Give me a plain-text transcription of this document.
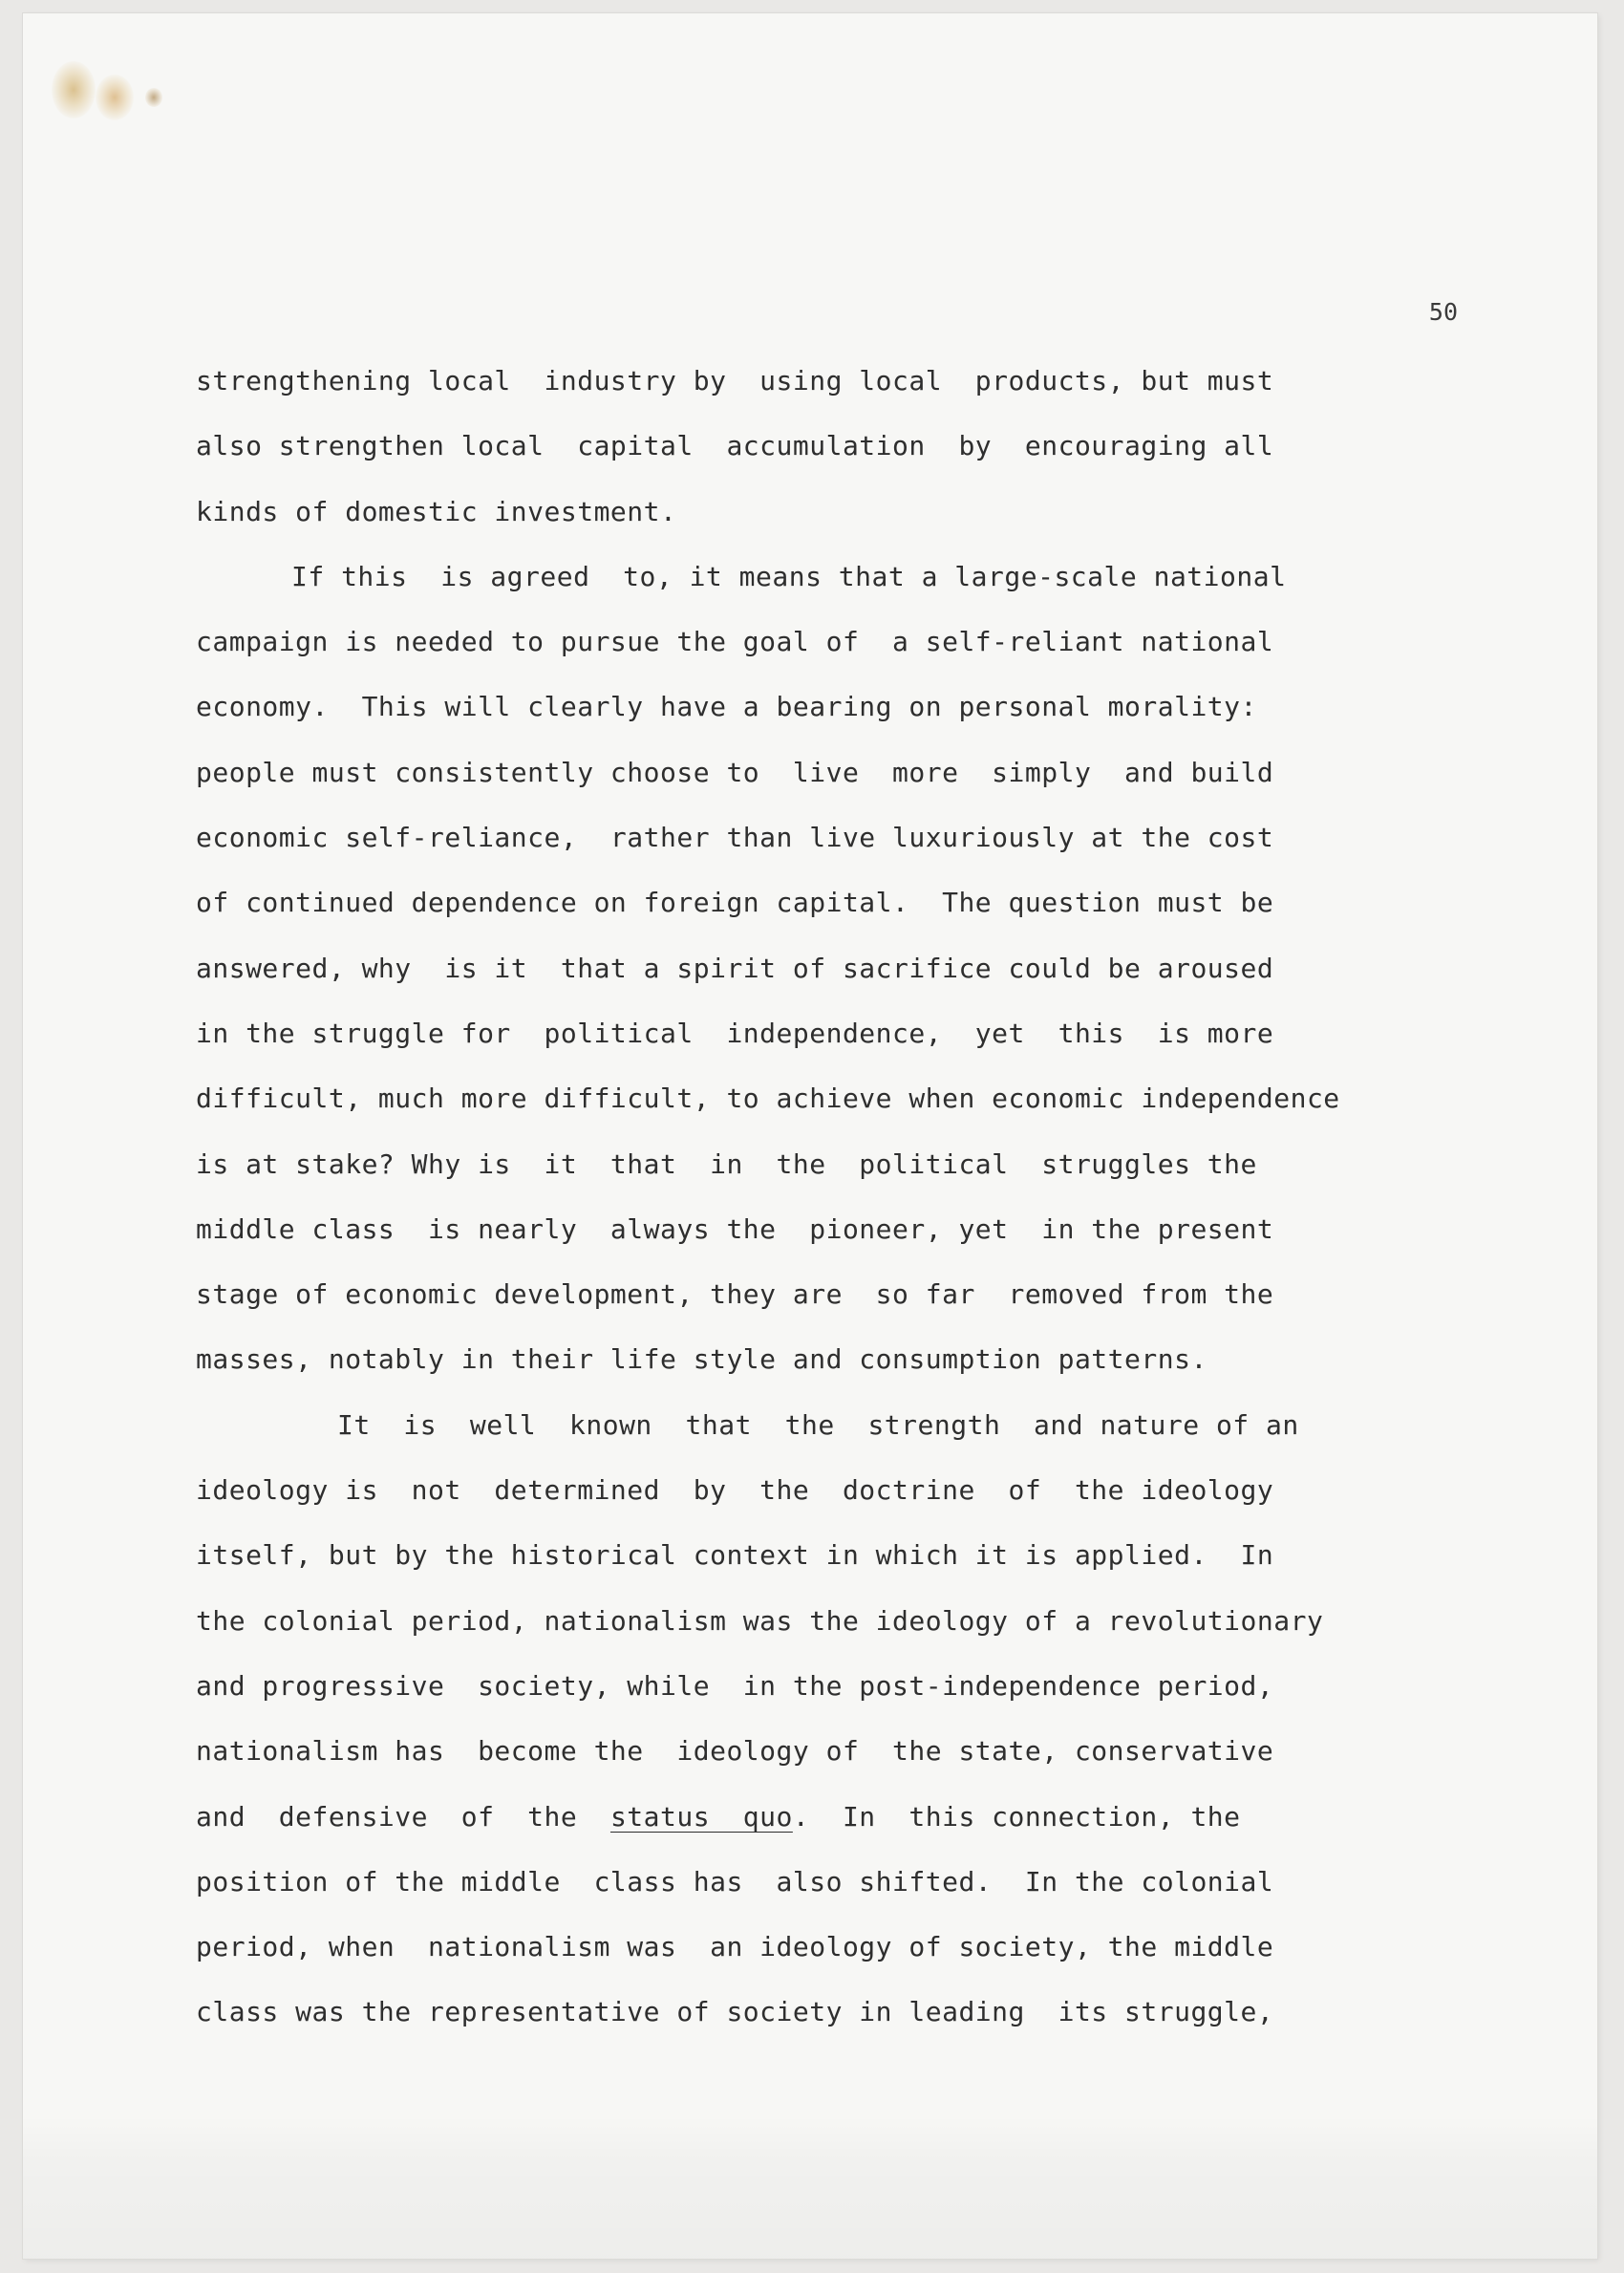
50

strengthening local  industry by  using local  products, but must
also strengthen local  capital  accumulation  by  encouraging all
kinds of domestic investment.
If this  is agreed  to, it means that a large-scale national
campaign is needed to pursue the goal of  a self-reliant national
economy.  This will clearly have a bearing on personal morality:
people must consistently choose to  live  more  simply  and build
economic self-reliance,  rather than live luxuriously at the cost
of continued dependence on foreign capital.  The question must be
answered, why  is it  that a spirit of sacrifice could be aroused
in the struggle for  political  independence,  yet  this  is more
difficult, much more difficult, to achieve when economic independence
is at stake? Why is  it  that  in  the  political  struggles the
middle class  is nearly  always the  pioneer, yet  in the present
stage of economic development, they are  so far  removed from the
masses, notably in their life style and consumption patterns.
It  is  well  known  that  the  strength  and nature of an
ideology is  not  determined  by  the  doctrine  of  the ideology
itself, but by the historical context in which it is applied.  In
the colonial period, nationalism was the ideology of a revolutionary
and progressive  society, while  in the post-independence period,
nationalism has  become the  ideology of  the state, conservative
and  defensive  of  the status  quo .  In  this connection, the
position of the middle  class has  also shifted.  In the colonial
period, when  nationalism was  an ideology of society, the middle
class was the representative of society in leading  its struggle,
